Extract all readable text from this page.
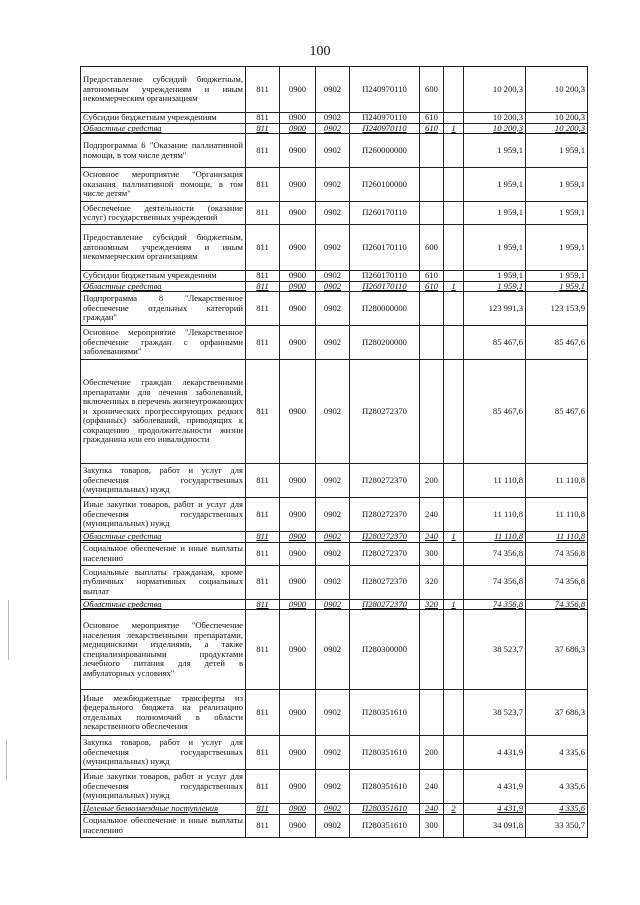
100
Предоставление субсидий бюджетным, автономным учреждениям и иным некоммерческим организациям	811	0900	0902	П240970110	600		10 200,3	10 200,3
Субсидии бюджетным учреждениям	811	0900	0902	П240970110	610		10 200,3	10 200,3
Областные средства	811	0900	0902	П240970110	610	1	10 200,3	10 200,3
Подпрограмма 6 "Оказание паллиативной помощи, в том числе детям"	811	0900	0902	П260000000			1 959,1	1 959,1
Основное мероприятие "Организация оказания паллиативной помощи, в том числе детям"	811	0900	0902	П260100000			1 959,1	1 959,1
Обеспечение деятельности (оказание услуг) государственных учреждений	811	0900	0902	П260170110			1 959,1	1 959,1
Предоставление субсидий бюджетным, автономным учреждениям и иным некоммерческим организациям	811	0900	0902	П260170110	600		1 959,1	1 959,1
Субсидии бюджетным учреждениям	811	0900	0902	П260170110	610		1 959,1	1 959,1
Областные средства	811	0900	0902	П260170110	610	1	1 959,1	1 959,1
Подпрограмма 8 "Лекарственное обеспечение отдельных категорий граждан"	811	0900	0902	П280000000			123 991,3	123 153,9
Основное мероприятие "Лекарственное обеспечение граждан с орфанными заболеваниями"	811	0900	0902	П280200000			85 467,6	85 467,6
Обеспечение граждан лекарственными препаратами для лечения заболеваний, включенных в перечень жизнеугрожающих и хронических прогрессирующих редких (орфанных) заболеваний, приводящих к сокращению продолжительности жизни гражданина или его инвалидности	811	0900	0902	П280272370			85 467,6	85 467,6
Закупка товаров, работ и услуг для обеспечения государственных (муниципальных) нужд	811	0900	0902	П280272370	200		11 110,8	11 110,8
Иные закупки товаров, работ и услуг для обеспечения государственных (муниципальных) нужд	811	0900	0902	П280272370	240		11 110,8	11 110,8
Областные средства	811	0900	0902	П280272370	240	1	11 110,8	11 110,8
Социальное обеспечение и иные выплаты населению	811	0900	0902	П280272370	300		74 356,8	74 356,8
Социальные выплаты гражданам, кроме публичных нормативных социальных выплат	811	0900	0902	П280272370	320		74 356,8	74 356,8
Областные средства	811	0900	0902	П280272370	320	1	74 356,8	74 356,8
Основное мероприятие "Обеспечение населения лекарственными препаратами, медицинскими изделиями, а также специализированными продуктами лечебного питания для детей в амбулаторных условиях"	811	0900	0902	П280300000			38 523,7	37 686,3
Иные межбюджетные трансферты из федерального бюджета на реализацию отдельных полномочий в области лекарственного обеспечения	811	0900	0902	П280351610			38 523,7	37 686,3
Закупка товаров, работ и услуг для обеспечения государственных (муниципальных) нужд	811	0900	0902	П280351610	200		4 431,9	4 335,6
Иные закупки товаров, работ и услуг для обеспечения государственных (муниципальных) нужд	811	0900	0902	П280351610	240		4 431,9	4 335,6
Целевые безвозмездные поступления	811	0900	0902	П280351610	240	2	4 431,9	4 335,6
Социальное обеспечение и иные выплаты населению	811	0900	0902	П280351610	300		34 091,8	33 350,7
